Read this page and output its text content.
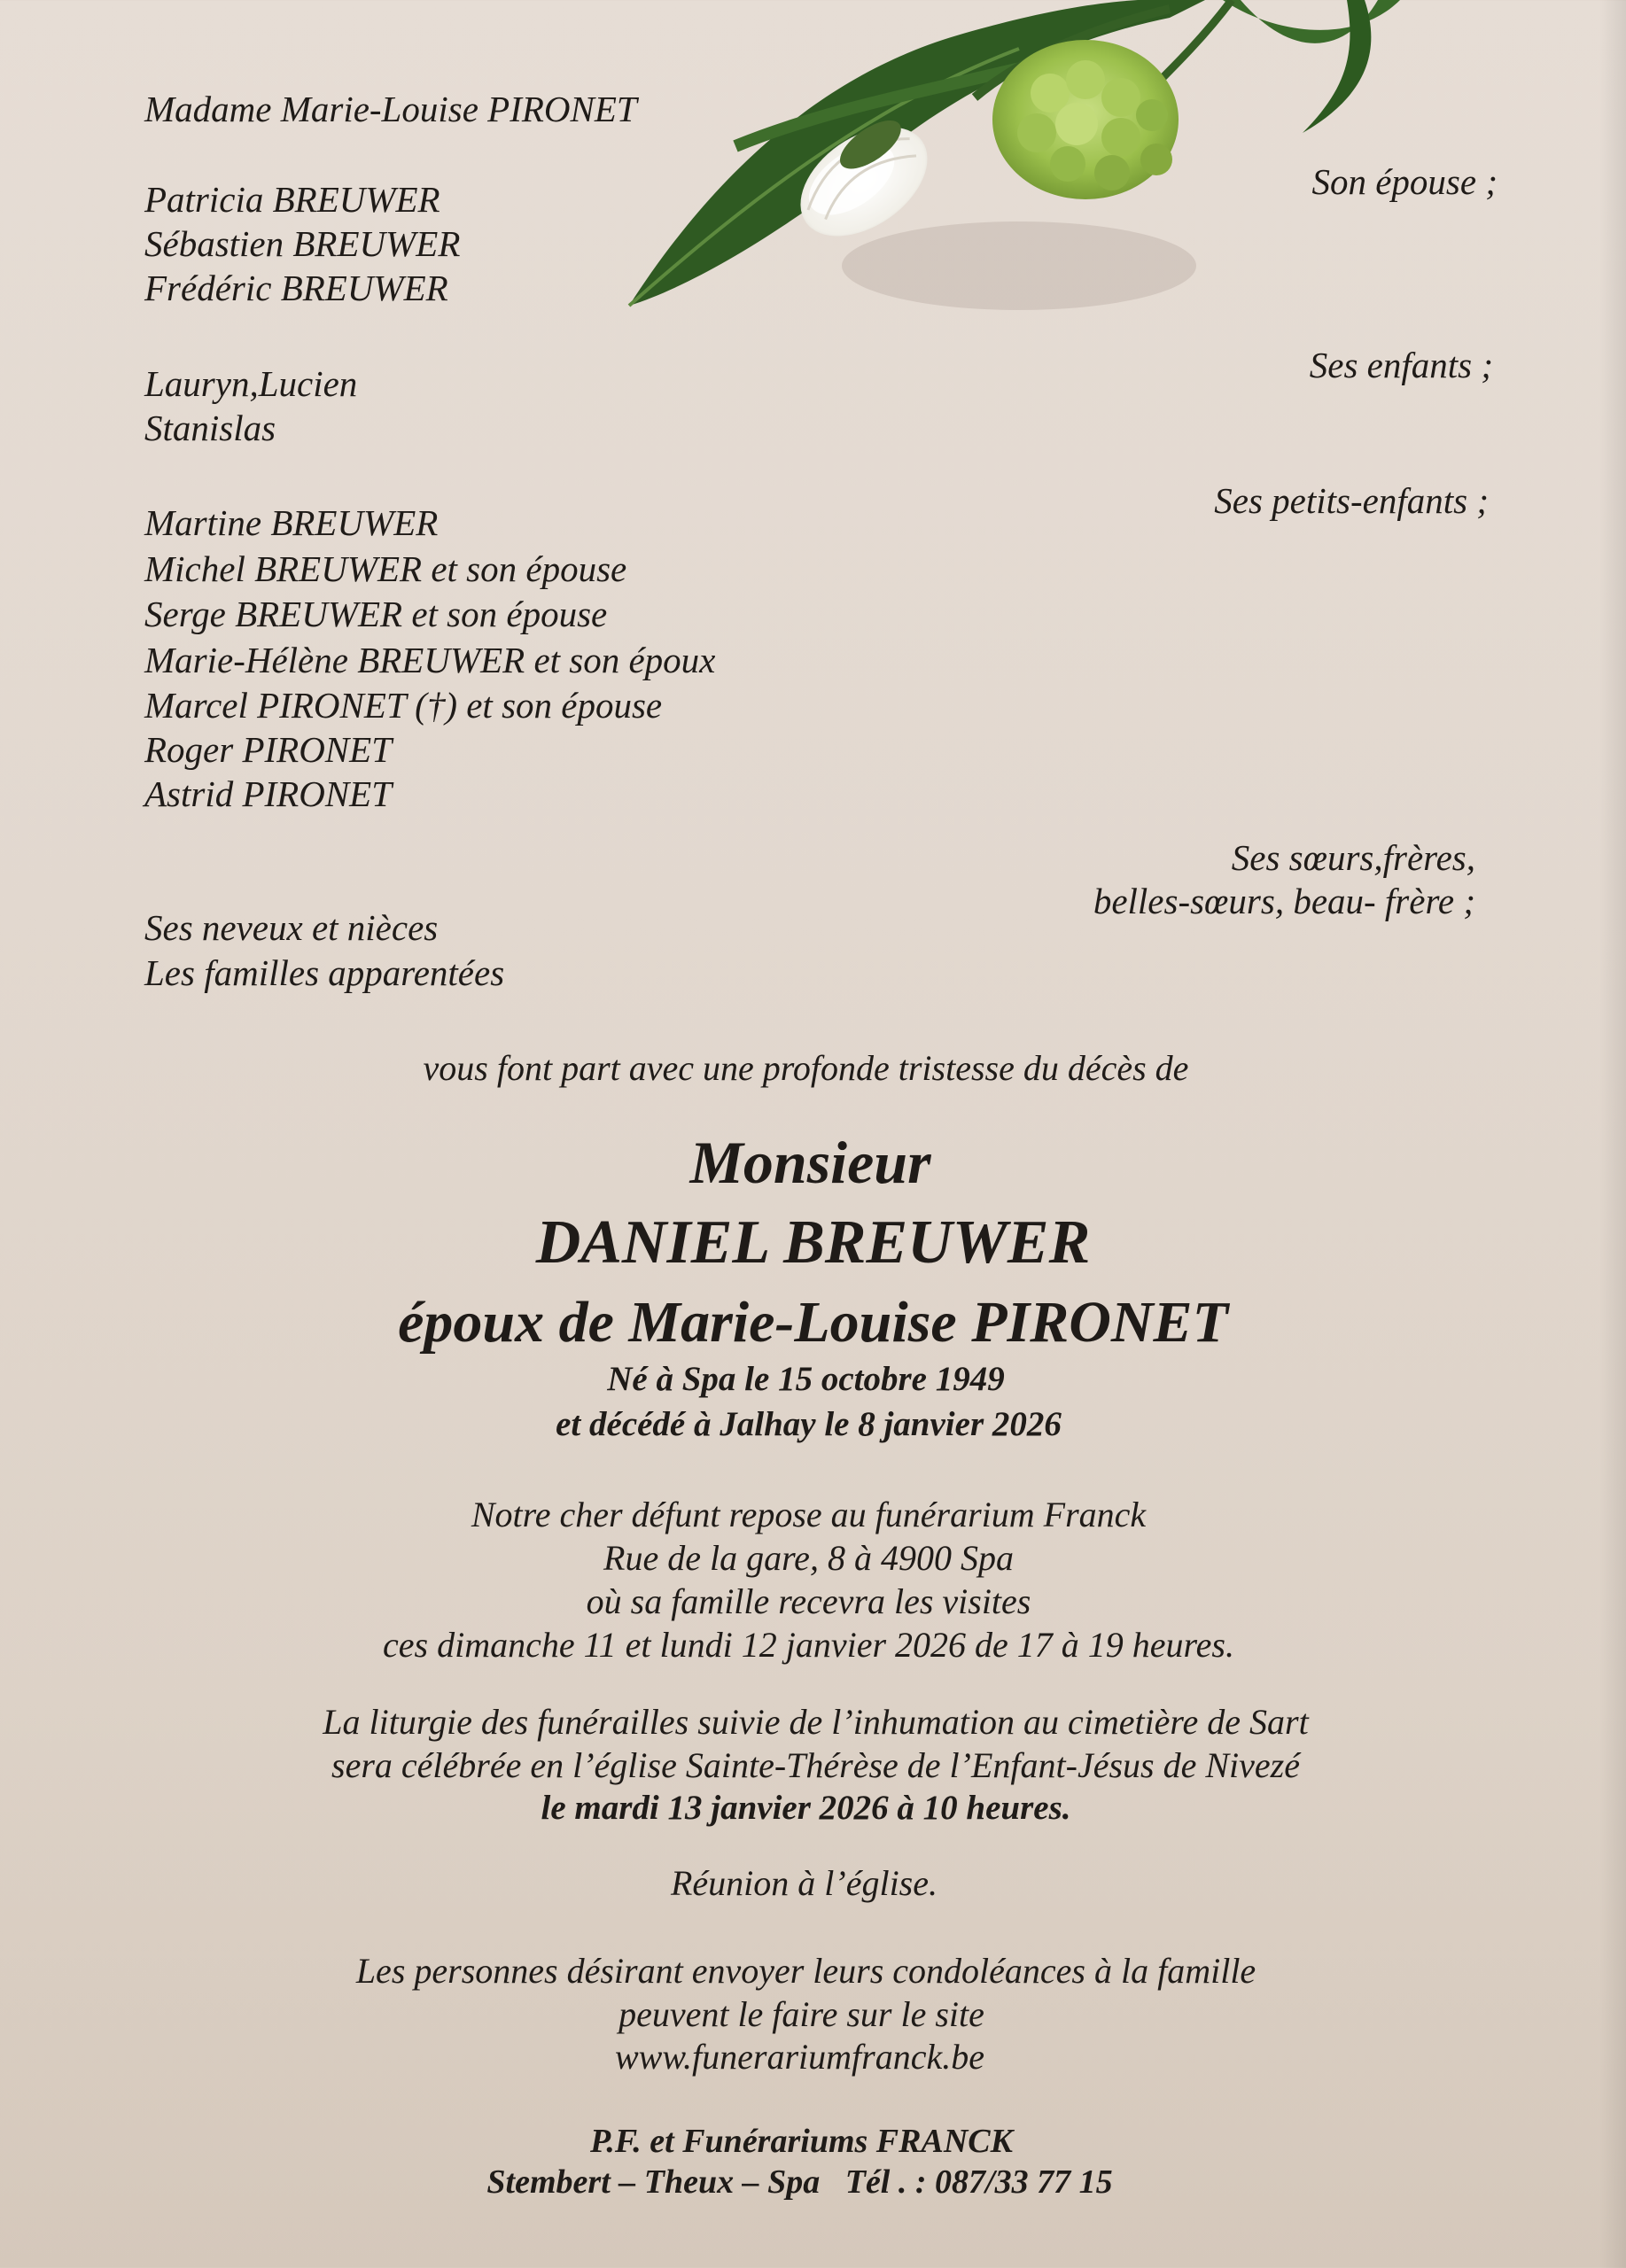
Madame Marie-Louise PIRONET
Patricia BREUWER
Sébastien BREUWER
Frédéric BREUWER
Lauryn,Lucien
Stanislas
Martine BREUWER
Michel BREUWER et son épouse
Serge BREUWER et son épouse
Marie-Hélène BREUWER et son époux
Marcel PIRONET (†) et son épouse
Roger PIRONET
Astrid PIRONET
Ses neveux et nièces
Les familles apparentées
Son épouse ;
Ses enfants ;
Ses petits-enfants ;
Ses sœurs,frères,
belles-sœurs, beau- frère ;
vous font part avec une profonde tristesse du décès de
Monsieur
DANIEL BREUWER
époux de Marie-Louise PIRONET
Né à Spa le 15 octobre 1949
et décédé à Jalhay le 8 janvier 2026
Notre cher défunt repose au funérarium Franck
Rue de la gare, 8 à 4900 Spa
où sa famille recevra les visites
ces dimanche 11 et lundi 12 janvier 2026 de 17 à 19 heures.
La liturgie des funérailles suivie de l’inhumation au cimetière de Sart
sera célébrée en l’église Sainte-Thérèse de l’Enfant-Jésus de Nivezé
le mardi 13 janvier 2026 à 10 heures.
Réunion à l’église.
Les personnes désirant envoyer leurs condoléances à la famille
peuvent le faire sur le site
www.funerariumfranck.be
P.F. et Funérariums FRANCK
Stembert – Theux – Spa   Tél . : 087/33 77 15
